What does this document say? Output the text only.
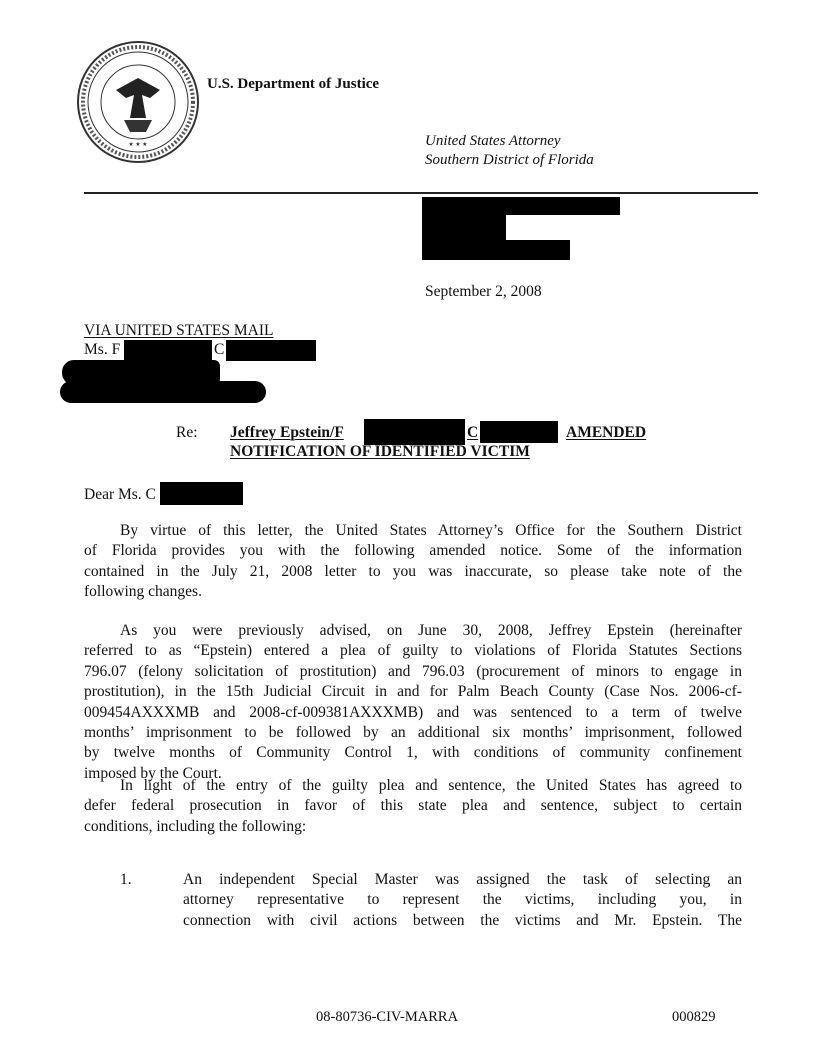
★ ★ ★
U.S. Department of Justice
United States Attorney
Southern District of Florida
September 2, 2008
VIA UNITED STATES MAIL
Ms. F	C
Re: Jeffrey Epstein/F	C	AMENDED
NOTIFICATION OF IDENTIFIED VICTIM
Dear Ms. C
By virtue of this letter, the United States Attorney’s Office for the Southern District
of Florida provides you with the following amended notice. Some of the information
contained in the July 21, 2008 letter to you was inaccurate, so please take note of the
following changes.
As you were previously advised, on June 30, 2008, Jeffrey Epstein (hereinafter
referred to as “Epstein) entered a plea of guilty to violations of Florida Statutes Sections
796.07 (felony solicitation of prostitution) and 796.03 (procurement of minors to engage in
prostitution), in the 15th Judicial Circuit in and for Palm Beach County (Case Nos. 2006-cf-
009454AXXXMB and 2008-cf-009381AXXXMB) and was sentenced to a term of twelve
months’ imprisonment to be followed by an additional six months’ imprisonment, followed
by twelve months of Community Control 1, with conditions of community confinement
imposed by the Court.
In light of the entry of the guilty plea and sentence, the United States has agreed to
defer federal prosecution in favor of this state plea and sentence, subject to certain
conditions, including the following:
1.	An independent Special Master was assigned the task of selecting an
attorney representative to represent the victims, including you, in
connection with civil actions between the victims and Mr. Epstein. The
08-80736-CIV-MARRA	000829
